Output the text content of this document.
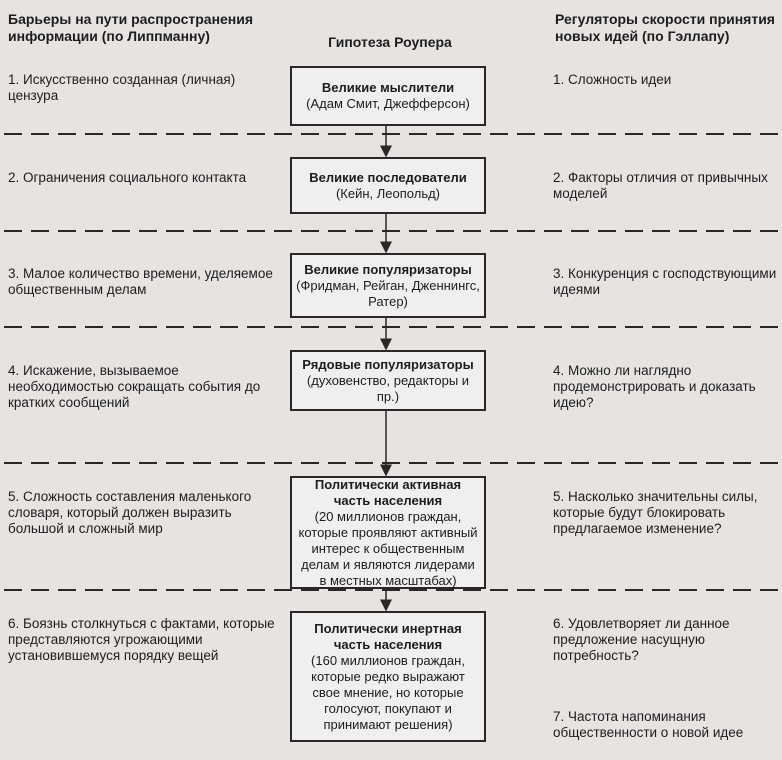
Барьеры на пути распространения информации (по Липпманну)	Гипотеза Роупера
Регуляторы скорости принятия новых идей (по Гэллапу)
1. Искусственно созданная (личная) цензура
2. Ограничения социального контакта
3. Малое количество времени, уделяемое общественным делам
4. Искажение, вызываемое необходимостью сокращать события до кратких сообщений
5. Сложность составления маленького словаря, который должен выразить большой и сложный мир
6. Боязнь столкнуться с фактами, которые представляются угрожающими установившемуся порядку вещей
Великие мыслители
(Адам Смит, Джефферсон)
Великие последователи
(Кейн, Леопольд)
Великие популяризаторы
(Фридман, Рейган, Дженнингс, Ратер)
Рядовые популяризаторы
(духовенство, редакторы и пр.)
Политически активная часть населения
(20 миллионов граждан, которые проявляют активный интерес к общественным делам и являются лидерами в местных масштабах)
Политически инертная часть населения
(160 миллионов граждан, которые редко выражают свое мнение, но которые голосуют, покупают и принимают решения)
1. Сложность идеи
2. Факторы отличия от привычных моделей
3. Конкуренция с господствующими идеями
4. Можно ли наглядно продемонстрировать и доказать идею?
5. Насколько значительны силы, которые будут блокировать предлагаемое изменение?
6. Удовлетворяет ли данное предложение насущную потребность?
7. Частота напоминания общественности о новой идее
